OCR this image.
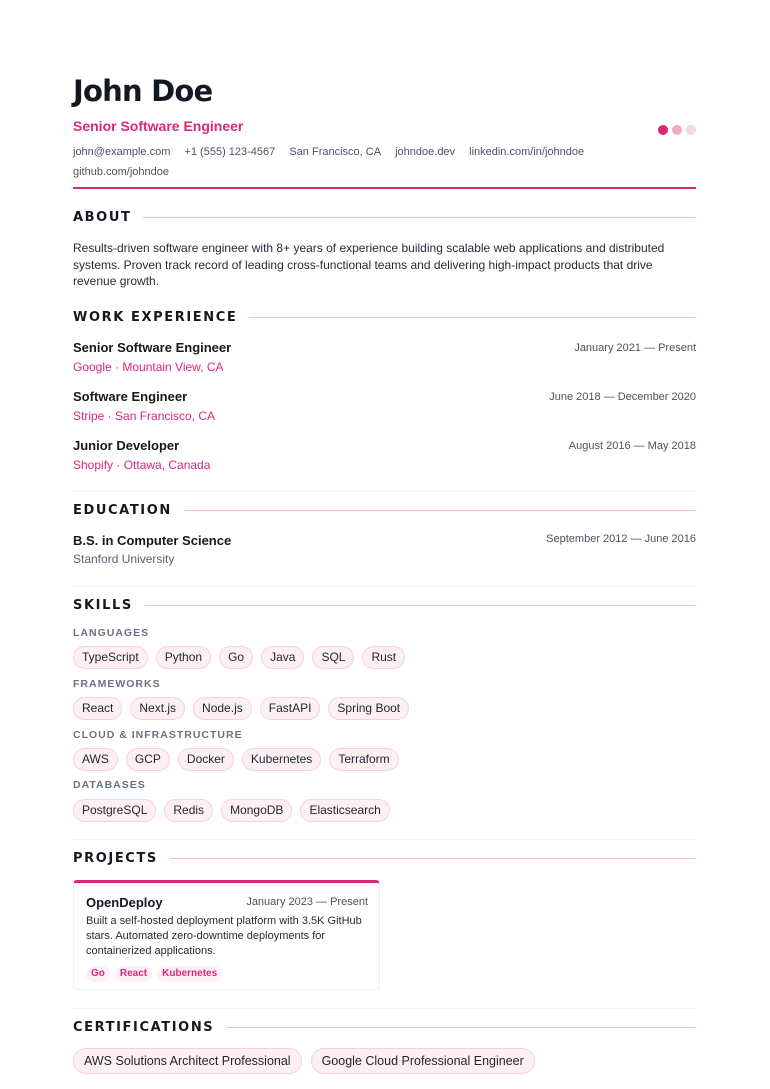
John Doe
Senior Software Engineer
john@example.com +1 (555) 123-4567 San Francisco, CA johndoe.dev linkedin.com/in/johndoe
github.com/johndoe
ABOUT
Results-driven software engineer with 8+ years of experience building scalable web applications and distributed systems. Proven track record of leading cross-functional teams and delivering high-impact products that drive revenue growth.
WORK EXPERIENCE
Senior Software Engineer
Google · Mountain View, CA
January 2021 — Present
Software Engineer
Stripe · San Francisco, CA
June 2018 — December 2020
Junior Developer
Shopify · Ottawa, Canada
August 2016 — May 2018
EDUCATION
B.S. in Computer Science	September 2012 — June 2016
Stanford University
SKILLS
LANGUAGES
TypeScript	Python	Go	Java	SQL	Rust
FRAMEWORKS
React	Next.js	Node.js	FastAPI	Spring Boot
CLOUD & INFRASTRUCTURE
AWS	GCP	Docker	Kubernetes	Terraform
DATABASES
PostgreSQL	Redis	MongoDB	Elasticsearch
PROJECTS
OpenDeploy	January 2023 — Present
Built a self-hosted deployment platform with 3.5K GitHub stars. Automated zero-downtime deployments for containerized applications.
Go	React	Kubernetes
CERTIFICATIONS
AWS Solutions Architect Professional	Google Cloud Professional Engineer
